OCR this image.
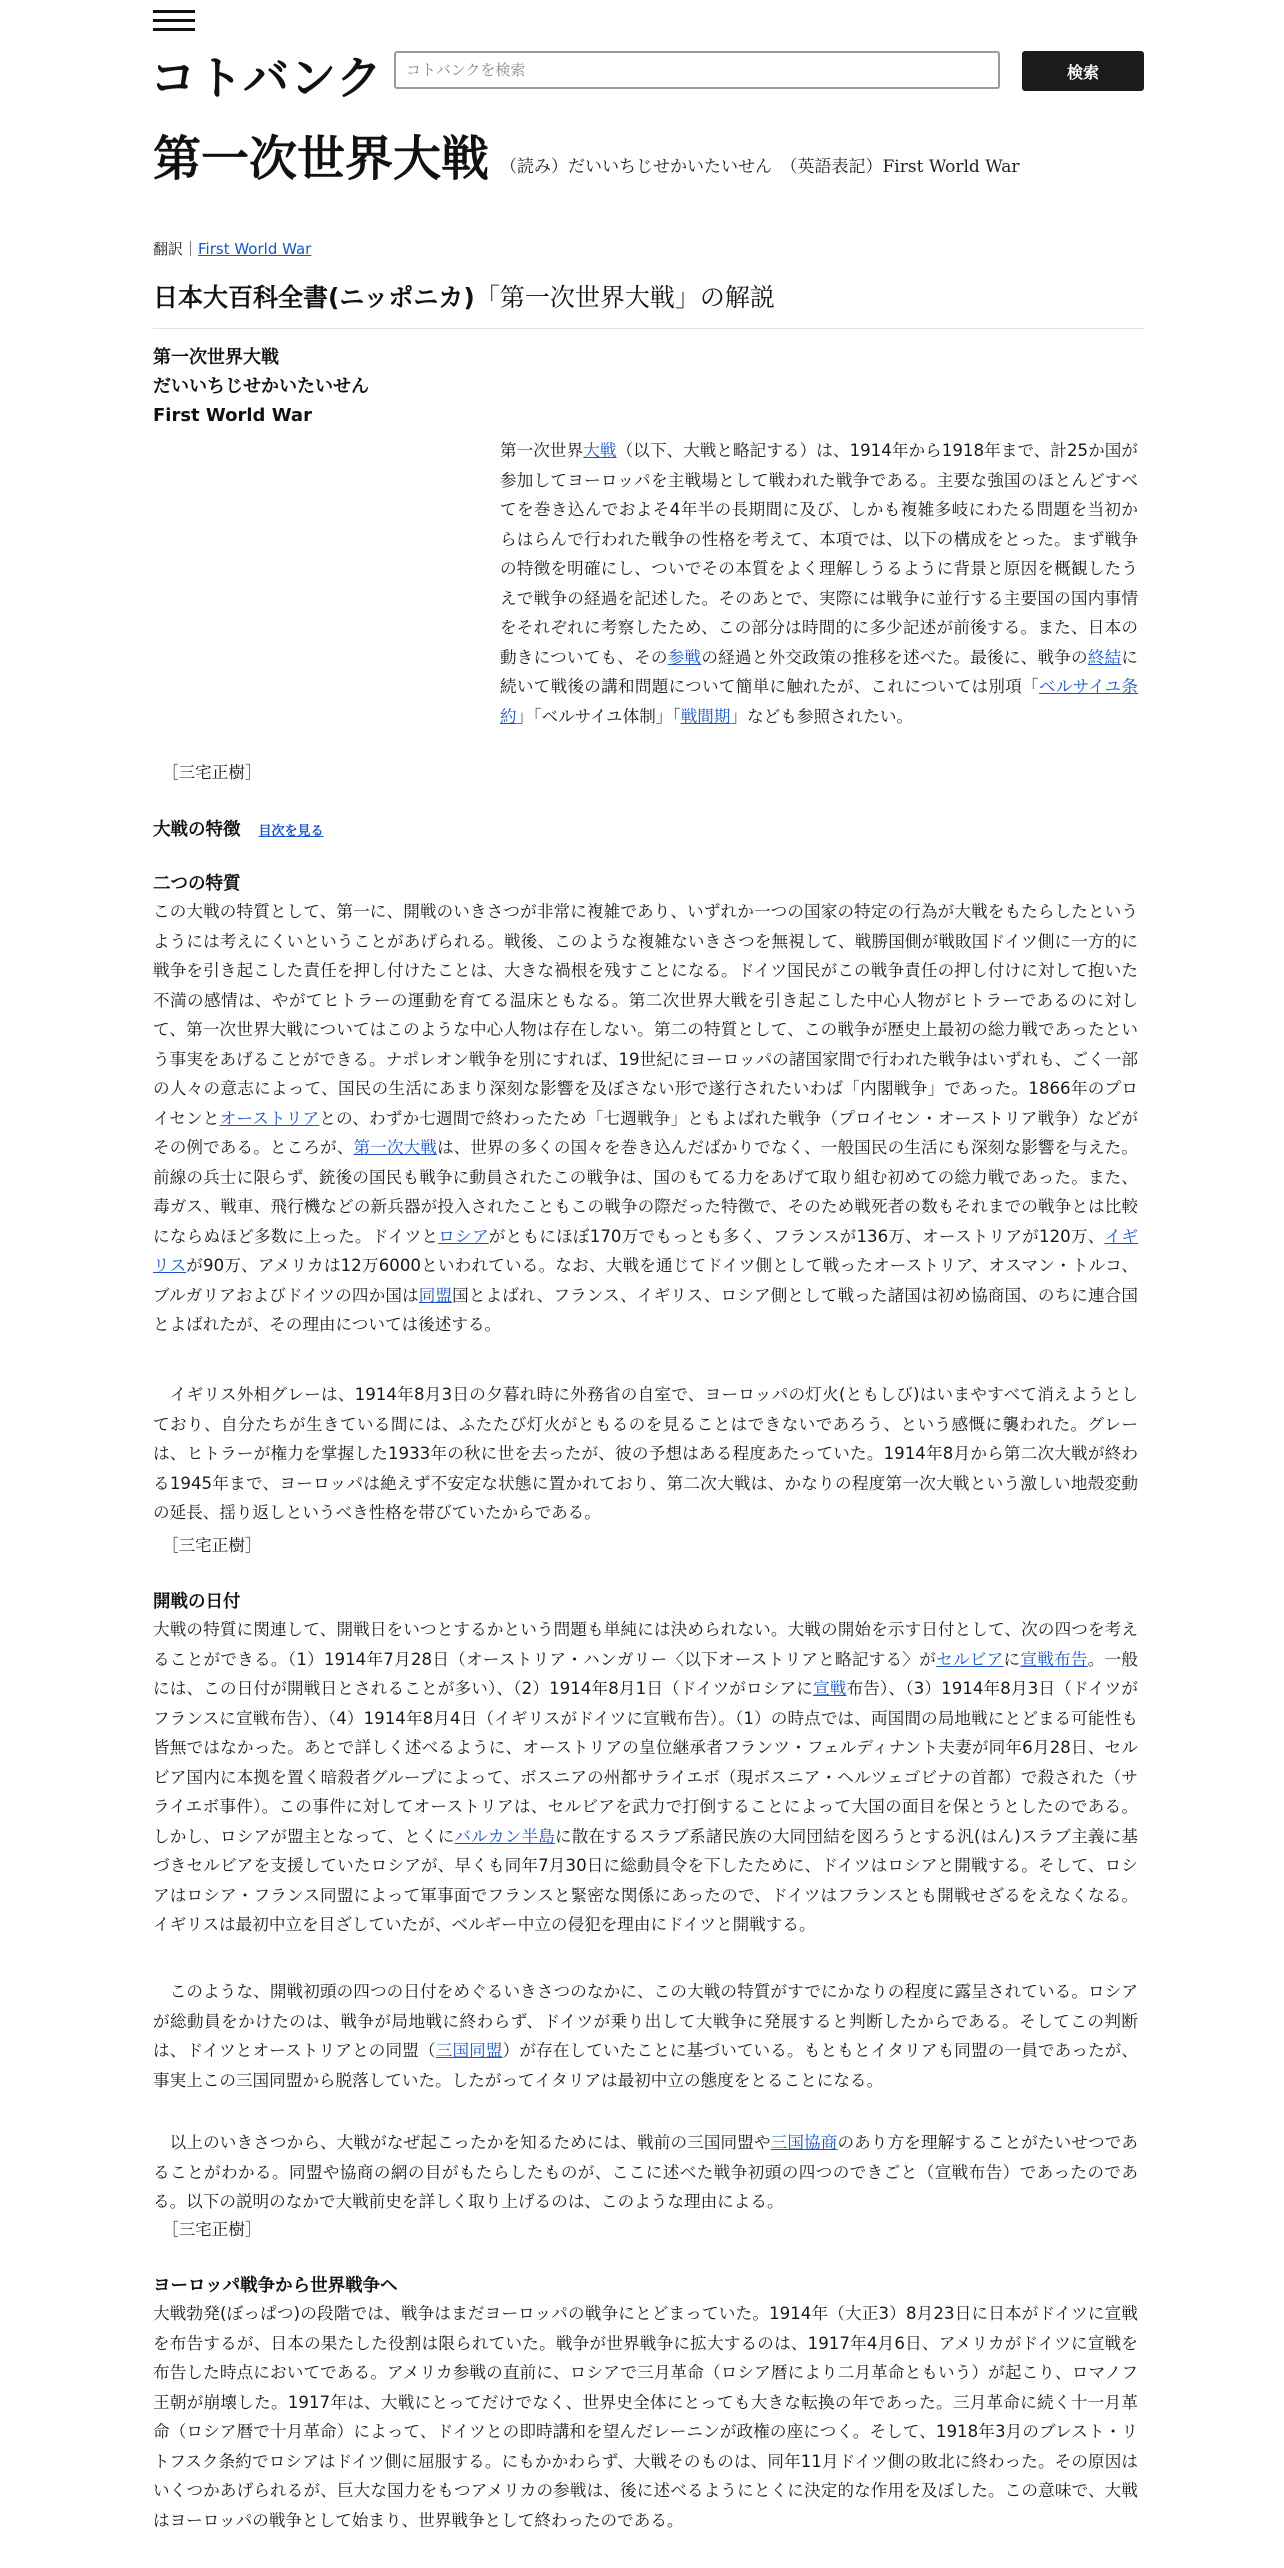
コトバンク
コトバンクを検索	検索
第一次世界大戦 （読み）だいいちじせかいたいせん　 （英語表記）First World War
翻訳｜First World War
日本大百科全書(ニッポニカ)「第一次世界大戦」の解説
第一次世界大戦
だいいちじせかいたいせん
First World War

第一次世界大戦（以下、大戦と略記する）は、1914年から1918年まで、計25か国が参加してヨーロッパを主戦場として戦われた戦争である。主要な強国のほとんどすべてを巻き込んでおよそ4年半の長期間に及び、しかも複雑多岐にわたる問題を当初からはらんで行われた戦争の性格を考えて、本項では、以下の構成をとった。まず戦争の特徴を明確にし、ついでその本質をよく理解しうるように背景と原因を概観したうえで戦争の経過を記述した。そのあとで、実際には戦争に並行する主要国の国内事情をそれぞれに考察したため、この部分は時間的に多少記述が前後する。また、日本の動きについても、その参戦の経過と外交政策の推移を述べた。最後に、戦争の終結に続いて戦後の講和問題について簡単に触れたが、これについては別項「ベルサイユ条約」「ベルサイユ体制」「戦間期」なども参照されたい。

［三宅正樹］
大戦の特徴 目次を見る
二つの特質

この大戦の特質として、第一に、開戦のいきさつが非常に複雑であり、いずれか一つの国家の特定の行為が大戦をもたらしたというようには考えにくいということがあげられる。戦後、このような複雑ないきさつを無視して、戦勝国側が戦敗国ドイツ側に一方的に戦争を引き起こした責任を押し付けたことは、大きな禍根を残すことになる。ドイツ国民がこの戦争責任の押し付けに対して抱いた不満の感情は、やがてヒトラーの運動を育てる温床ともなる。第二次世界大戦を引き起こした中心人物がヒトラーであるのに対して、第一次世界大戦についてはこのような中心人物は存在しない。第二の特質として、この戦争が歴史上最初の総力戦であったという事実をあげることができる。ナポレオン戦争を別にすれば、19世紀にヨーロッパの諸国家間で行われた戦争はいずれも、ごく一部の人々の意志によって、国民の生活にあまり深刻な影響を及ぼさない形で遂行されたいわば「内閣戦争」であった。1866年のプロイセンとオーストリアとの、わずか七週間で終わったため「七週戦争」ともよばれた戦争（プロイセン・オーストリア戦争）などがその例である。ところが、第一次大戦は、世界の多くの国々を巻き込んだばかりでなく、一般国民の生活にも深刻な影響を与えた。前線の兵士に限らず、銃後の国民も戦争に動員されたこの戦争は、国のもてる力をあげて取り組む初めての総力戦であった。また、毒ガス、戦車、飛行機などの新兵器が投入されたこともこの戦争の際だった特徴で、そのため戦死者の数もそれまでの戦争とは比較にならぬほど多数に上った。ドイツとロシアがともにほぼ170万でもっとも多く、フランスが136万、オーストリアが120万、イギリスが90万、アメリカは12万6000といわれている。なお、大戦を通じてドイツ側として戦ったオーストリア、オスマン・トルコ、ブルガリアおよびドイツの四か国は同盟国とよばれ、フランス、イギリス、ロシア側として戦った諸国は初め協商国、のちに連合国とよばれたが、その理由については後述する。

　イギリス外相グレーは、1914年8月3日の夕暮れ時に外務省の自室で、ヨーロッパの灯火(ともしび)はいまやすべて消えようとしており、自分たちが生きている間には、ふたたび灯火がともるのを見ることはできないであろう、という感慨に襲われた。グレーは、ヒトラーが権力を掌握した1933年の秋に世を去ったが、彼の予想はある程度あたっていた。1914年8月から第二次大戦が終わる1945年まで、ヨーロッパは絶えず不安定な状態に置かれており、第二次大戦は、かなりの程度第一次大戦という激しい地殻変動の延長、揺り返しというべき性格を帯びていたからである。

［三宅正樹］
開戦の日付

大戦の特質に関連して、開戦日をいつとするかという問題も単純には決められない。大戦の開始を示す日付として、次の四つを考えることができる。（1）1914年7月28日（オーストリア・ハンガリー〈以下オーストリアと略記する〉がセルビアに宣戦布告。一般には、この日付が開戦日とされることが多い）、（2）1914年8月1日（ドイツがロシアに宣戦布告）、（3）1914年8月3日（ドイツがフランスに宣戦布告）、（4）1914年8月4日（イギリスがドイツに宣戦布告）。（1）の時点では、両国間の局地戦にとどまる可能性も皆無ではなかった。あとで詳しく述べるように、オーストリアの皇位継承者フランツ・フェルディナント夫妻が同年6月28日、セルビア国内に本拠を置く暗殺者グループによって、ボスニアの州都サライエボ（現ボスニア・ヘルツェゴビナの首都）で殺された（サライエボ事件）。この事件に対してオーストリアは、セルビアを武力で打倒することによって大国の面目を保とうとしたのである。しかし、ロシアが盟主となって、とくにバルカン半島に散在するスラブ系諸民族の大同団結を図ろうとする汎(はん)スラブ主義に基づきセルビアを支援していたロシアが、早くも同年7月30日に総動員令を下したために、ドイツはロシアと開戦する。そして、ロシアはロシア・フランス同盟によって軍事面でフランスと緊密な関係にあったので、ドイツはフランスとも開戦せざるをえなくなる。イギリスは最初中立を目ざしていたが、ベルギー中立の侵犯を理由にドイツと開戦する。

　このような、開戦初頭の四つの日付をめぐるいきさつのなかに、この大戦の特質がすでにかなりの程度に露呈されている。ロシアが総動員をかけたのは、戦争が局地戦に終わらず、ドイツが乗り出して大戦争に発展すると判断したからである。そしてこの判断は、ドイツとオーストリアとの同盟（三国同盟）が存在していたことに基づいている。もともとイタリアも同盟の一員であったが、事実上この三国同盟から脱落していた。したがってイタリアは最初中立の態度をとることになる。

　以上のいきさつから、大戦がなぜ起こったかを知るためには、戦前の三国同盟や三国協商のあり方を理解することがたいせつであることがわかる。同盟や協商の網の目がもたらしたものが、ここに述べた戦争初頭の四つのできごと（宣戦布告）であったのである。以下の説明のなかで大戦前史を詳しく取り上げるのは、このような理由による。

［三宅正樹］
ヨーロッパ戦争から世界戦争へ

大戦勃発(ぼっぱつ)の段階では、戦争はまだヨーロッパの戦争にとどまっていた。1914年（大正3）8月23日に日本がドイツに宣戦を布告するが、日本の果たした役割は限られていた。戦争が世界戦争に拡大するのは、1917年4月6日、アメリカがドイツに宣戦を布告した時点においてである。アメリカ参戦の直前に、ロシアで三月革命（ロシア暦により二月革命ともいう）が起こり、ロマノフ王朝が崩壊した。1917年は、大戦にとってだけでなく、世界史全体にとっても大きな転換の年であった。三月革命に続く十一月革命（ロシア暦で十月革命）によって、ドイツとの即時講和を望んだレーニンが政権の座につく。そして、1918年3月のブレスト・リトフスク条約でロシアはドイツ側に屈服する。にもかかわらず、大戦そのものは、同年11月ドイツ側の敗北に終わった。その原因はいくつかあげられるが、巨大な国力をもつアメリカの参戦は、後に述べるようにとくに決定的な作用を及ぼした。この意味で、大戦はヨーロッパの戦争として始まり、世界戦争として終わったのである。
